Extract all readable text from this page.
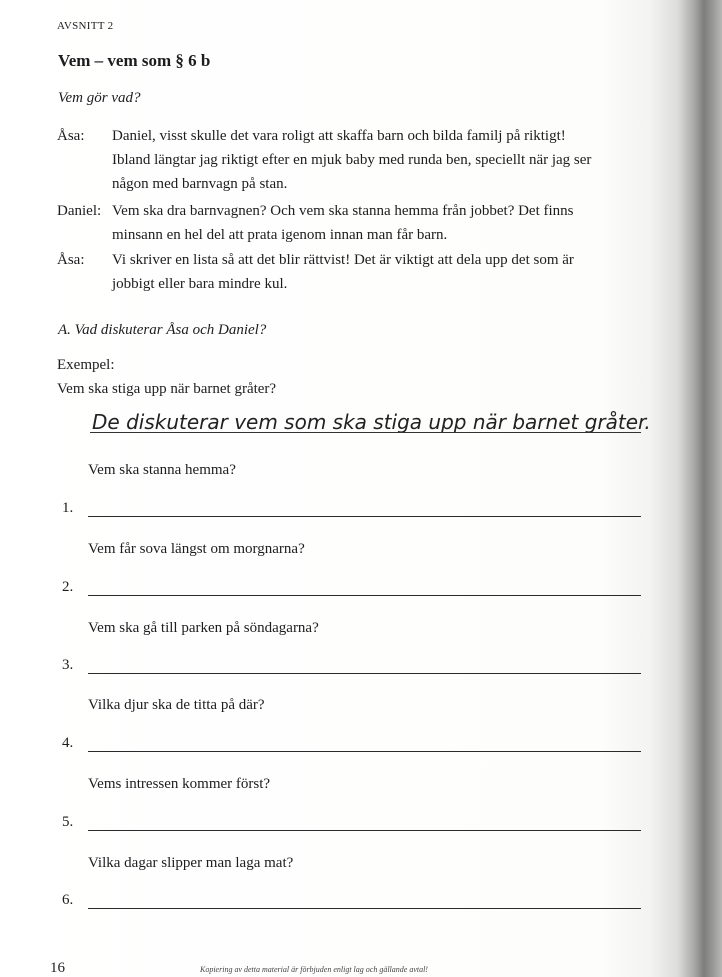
AVSNITT 2
Vem – vem som § 6 b
Vem gör vad?
Åsa: Daniel, visst skulle det vara roligt att skaffa barn och bilda familj på riktigt!
Ibland längtar jag riktigt efter en mjuk baby med runda ben, speciellt när jag ser
någon med barnvagn på stan.
Daniel: Vem ska dra barnvagnen? Och vem ska stanna hemma från jobbet? Det finns
minsann en hel del att prata igenom innan man får barn.
Åsa: Vi skriver en lista så att det blir rättvist! Det är viktigt att dela upp det som är
jobbigt eller bara mindre kul.
A. Vad diskuterar Åsa och Daniel?
Exempel:
Vem ska stiga upp när barnet gråter?
De diskuterar vem som ska stiga upp när barnet gråter.
Vem ska stanna hemma?
1.
Vem får sova längst om morgnarna?
2.
Vem ska gå till parken på söndagarna?
3.
Vilka djur ska de titta på där?
4.
Vems intressen kommer först?
5.
Vilka dagar slipper man laga mat?
6.
16	Kopiering av detta material är förbjuden enligt lag och gällande avtal!
